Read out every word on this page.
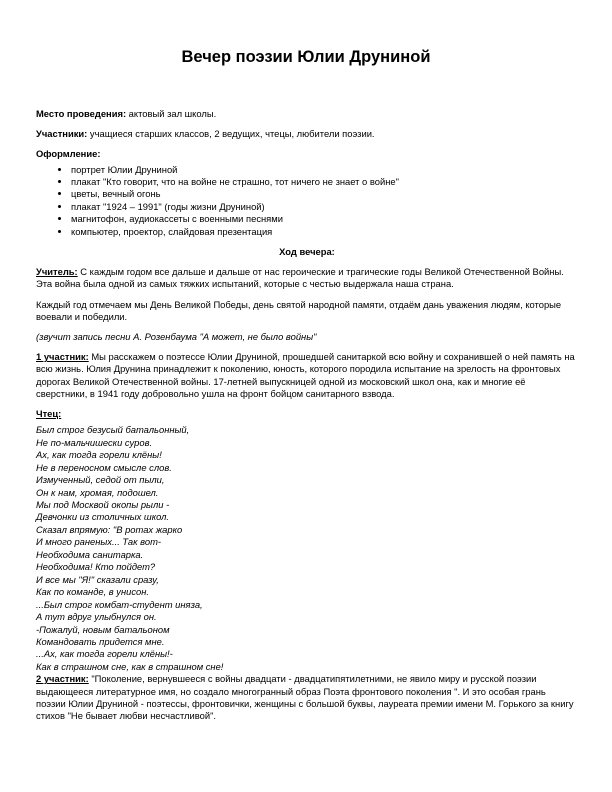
Вечер поэзии Юлии Друниной

Место проведения: актовый зал школы.

Участники: учащиеся старших классов, 2 ведущих, чтецы, любители поэзии.

Оформление:
• портрет Юлии Друниной
• плакат "Кто говорит, что на войне не страшно, тот ничего не знает о войне"
• цветы, вечный огонь
• плакат "1924 – 1991" (годы жизни Друниной)
• магнитофон, аудиокассеты с военными песнями
• компьютер, проектор, слайдовая презентация
Ход вечера:

Учитель: С каждым годом все дальше и дальше от нас героические и трагические годы Великой Отечественной Войны. Эта война была одной из самых тяжких испытаний, которые с честью выдержала наша страна.

Каждый год отмечаем мы День Великой Победы, день святой народной памяти, отдаём дань уважения людям, которые воевали и победили.

(звучит запись песни А. Розенбаума "А может, не было войны"

1 участник: Мы расскажем о поэтессе Юлии Друниной, прошедшей санитаркой всю войну и сохранившей о ней память на всю жизнь. Юлия Друнина принадлежит к поколению, юность, которого породила испытание на зрелость на фронтовых дорогах Великой Отечественной войны. 17-летней выпускницей одной из московский школ она, как и многие её сверстники, в 1941 году добровольно ушла на фронт бойцом санитарного взвода.

Чтец:
Был строг безусый батальонный,
Не по-мальчишески суров.
Ах, как тогда горели клёны!
Не в переносном смысле слов.
Измученный, седой от пыли,
Он к нам, хромая, подошел.
Мы под Москвой окопы рыли -
Девчонки из столичных школ.
Сказал впрямую: "В ротах жарко
И много раненых... Так вот-
Необходима санитарка.
Необходима! Кто пойдет?
И все мы "Я!" сказали сразу,
Как по команде, в унисон.
...Был строг комбат-студент иняза,
А тут вдруг улыбнулся он.
-Пожалуй, новым батальоном
Командовать придется мне.
...Ах, как тогда горели клёны!-
Как в страшном сне, как в страшном сне!

2 участник: "Поколение, вернувшееся с войны двадцати - двадцатипятилетними, не явило миру и русской поэзии выдающееся литературное имя, но создало многогранный образ Поэта фронтового поколения ". И это особая грань поэзии Юлии Друниной - поэтессы, фронтовички, женщины с большой буквы, лауреата премии имени М. Горького за книгу стихов "Не бывает любви несчастливой".
